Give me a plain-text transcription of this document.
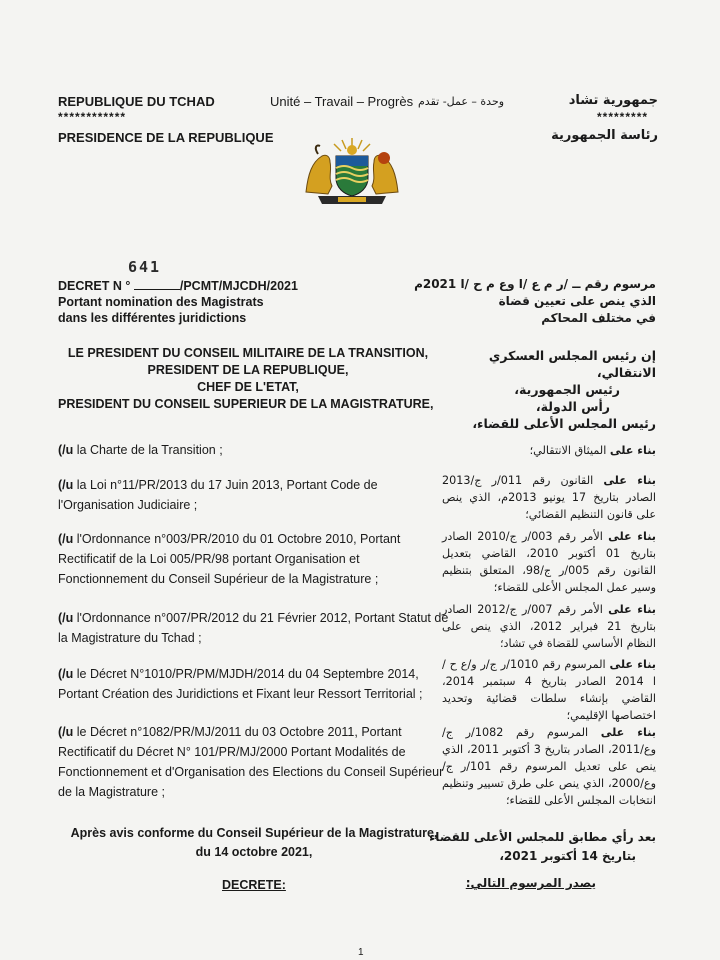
REPUBLIQUE DU TCHAD
************
PRESIDENCE DE LA REPUBLIQUE
Unité – Travail – Progrès وحدة – عمل- تقدم	جمهورية تشاد
*********
رئاسة الجمهورية
641
DECRET N °	/PCMT/MJCDH/2021
Portant nomination des Magistrats
dans les différentes juridictions
مرسوم رقم ــ /ر م ع /ا وع م ح /ا 2021م
الذي ينص على تعيين قضاة
في مختلف المحاكم
LE PRESIDENT DU CONSEIL MILITAIRE DE LA TRANSITION,
PRESIDENT DE LA REPUBLIQUE,
CHEF DE L'ETAT,
PRESIDENT DU CONSEIL SUPERIEUR DE LA MAGISTRATURE,
إن رئيس المجلس العسكري الانتقالي،
رئيس الجمهورية،
رأس الدولة،
رئيس المجلس الأعلى للقضاء،
(/u la Charte de la Transition ;
(/u la Loi n°11/PR/2013 du 17 Juin 2013, Portant Code de l'Organisation Judiciaire ;
(/u l'Ordonnance n°003/PR/2010 du 01 Octobre 2010, Portant Rectificatif de la Loi 005/PR/98 portant Organisation et Fonctionnement du Conseil Supérieur de la Magistrature ;
(/u l'Ordonnance n°007/PR/2012 du 21 Février 2012, Portant Statut de la Magistrature du Tchad ;
(/u le Décret N°1010/PR/PM/MJDH/2014 du 04 Septembre 2014, Portant Création des Juridictions et Fixant leur Ressort Territorial ;
(/u le Décret n°1082/PR/MJ/2011 du 03 Octobre 2011, Portant Rectificatif du Décret N° 101/PR/MJ/2000 Portant Modalités de Fonctionnement et d'Organisation des Elections du Conseil Supérieur de la Magistrature ;
بناء على الميثاق الانتقالي؛
بناء على القانون رقم 011/ر ج/2013 الصادر بتاريخ 17 يونيو 2013م، الذي ينص على قانون التنظيم القضائي؛
بناء على الأمر رقم 003/ر ج/2010 الصادر بتاريخ 01 أكتوبر 2010، القاضي بتعديل القانون رقم 005/ر ج/98، المتعلق بتنظيم وسير عمل المجلس الأعلى للقضاء؛
بناء على الأمر رقم 007/ر ج/2012 الصادر بتاريخ 21 فبراير 2012، الذي ينص على النظام الأساسي للقضاة في تشاد؛
بناء على المرسوم رقم 1010/ر ج/ر و/ع ح /ا 2014 الصادر بتاريخ 4 سبتمبر 2014، القاضي بإنشاء سلطات قضائية وتحديد اختصاصها الإقليمي؛
بناء على المرسوم رقم 1082/ر ج/وع/2011، الصادر بتاريخ 3 أكتوبر 2011، الذي ينص على تعديل المرسوم رقم 101/ر ج/وع/2000، الذي ينص على طرق تسيير وتنظيم انتخابات المجلس الأعلى للقضاء؛
Après avis conforme du Conseil Supérieur de la Magistrature,
du 14 octobre 2021,
DECRETE:
بعد رأي مطابق للمجلس الأعلى للقضاء
بتاريخ 14 أكتوبر 2021،
يصدر المرسوم التالي:
1
